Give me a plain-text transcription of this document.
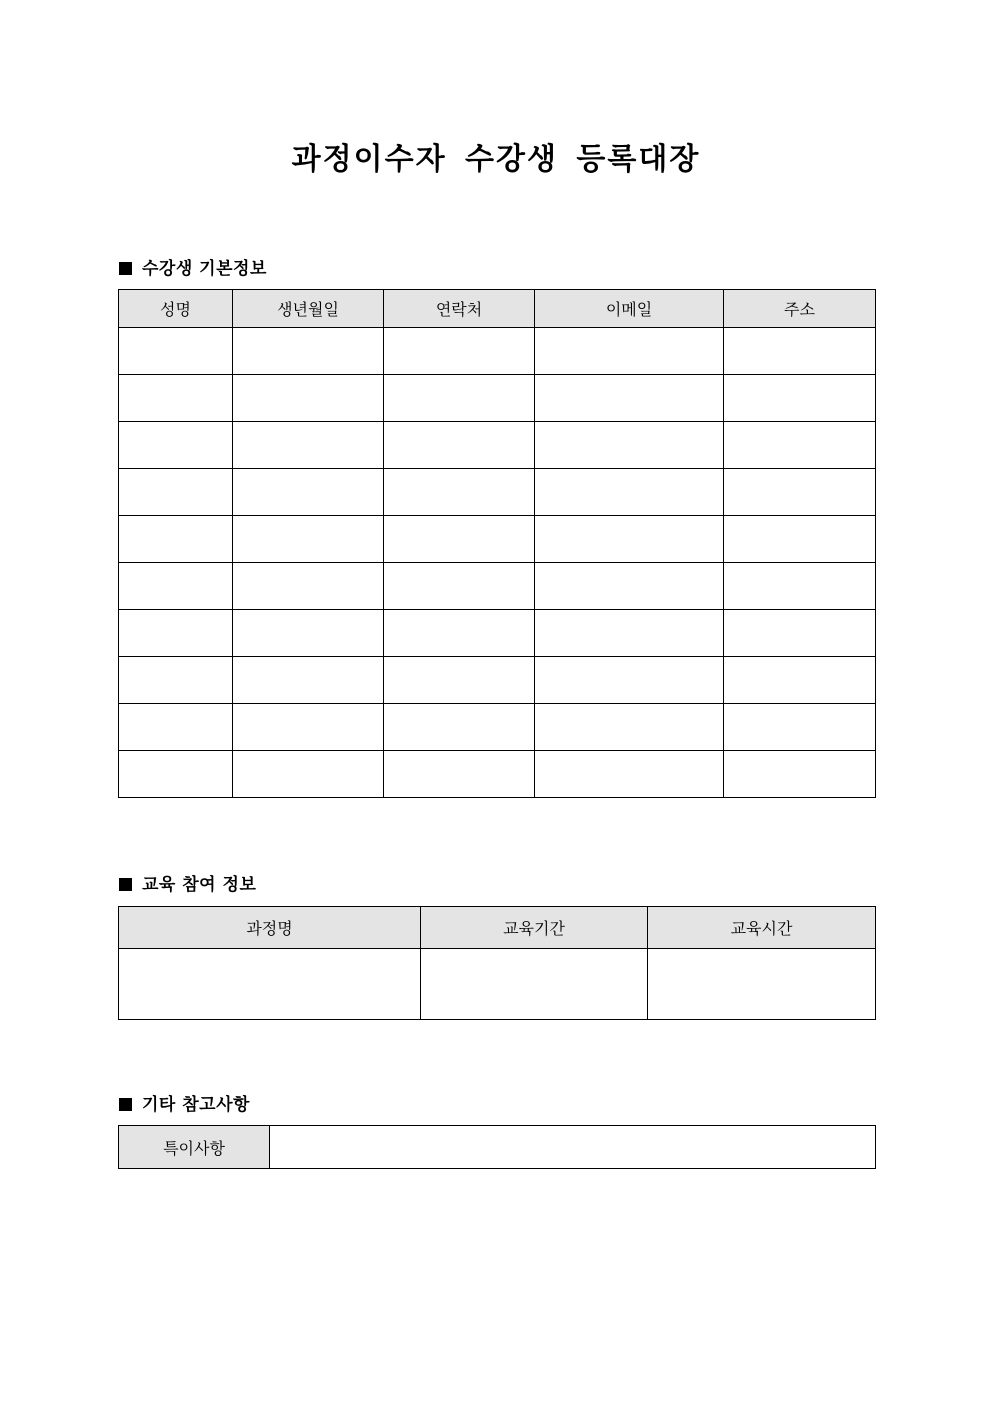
과정이수자 수강생 등록대장
수강생 기본정보
성명	생년월일	연락처	이메일	주소

교육 참여 정보
과정명	교육기간	교육시간

기타 참고사항
특이사항	
